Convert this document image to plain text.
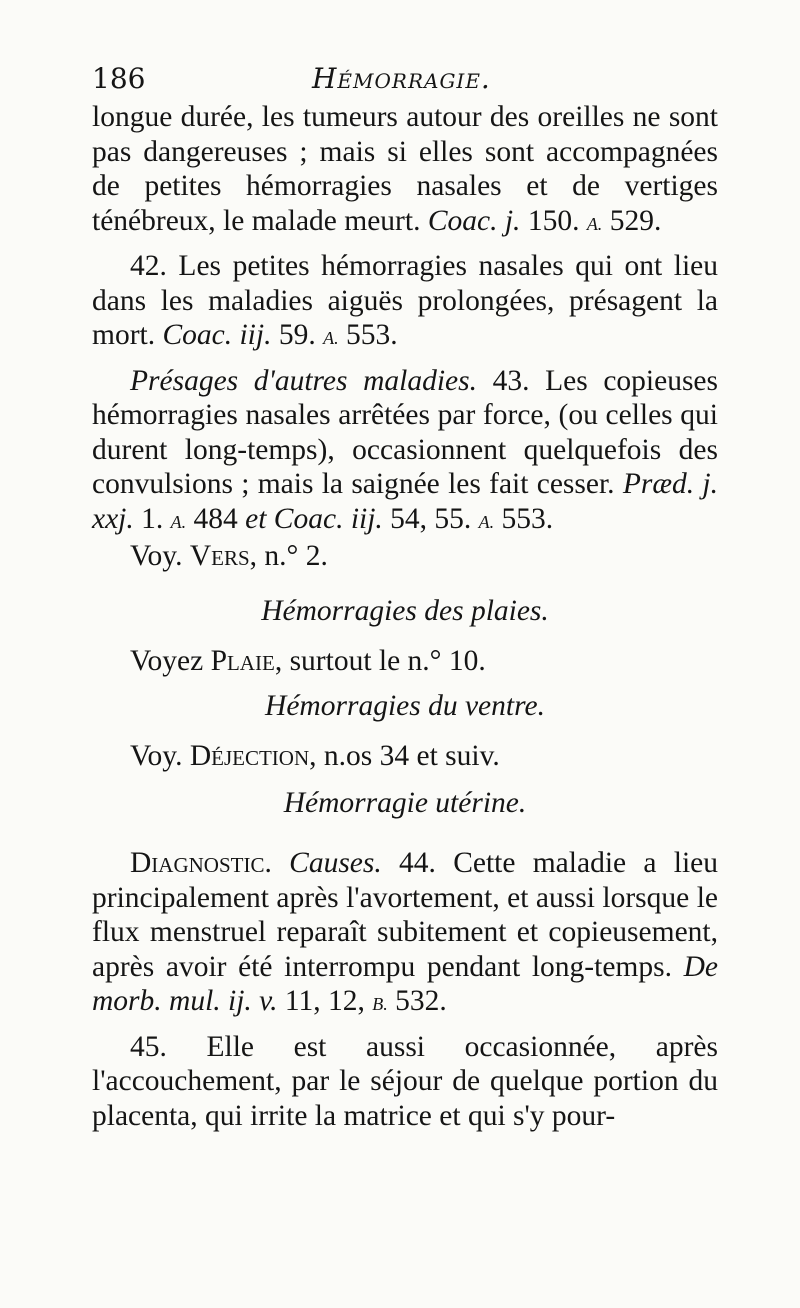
186	Hémorragie.

longue durée, les tumeurs autour des oreilles ne sont pas dangereuses ; mais si elles sont accompagnées de petites hémorragies nasales et de vertiges ténébreux, le malade meurt. Coac. j. 150. A. 529.

42. Les petites hémorragies nasales qui ont lieu dans les maladies aiguës prolongées, présagent la mort. Coac. iij. 59. A. 553.

Présages d'autres maladies. 43. Les copieuses hémorragies nasales arrêtées par force, (ou celles qui durent long-temps), occasionnent quelquefois des convulsions ; mais la saignée les fait cesser. Præd. j. xxj. 1. A. 484 et Coac. iij. 54, 55. A. 553.

Voy. Vers, n.° 2.

Hémorragies des plaies.

Voyez Plaie, surtout le n.° 10.

Hémorragies du ventre.

Voy. Déjection, n.os 34 et suiv.

Hémorragie utérine.

Diagnostic. Causes. 44. Cette maladie a lieu principalement après l'avortement, et aussi lorsque le flux menstruel reparaît subitement et copieusement, après avoir été interrompu pendant long-temps. De morb. mul. ij. v. 11, 12, B. 532.

45. Elle est aussi occasionnée, après l'accouchement, par le séjour de quelque portion du placenta, qui irrite la matrice et qui s'y pour-
